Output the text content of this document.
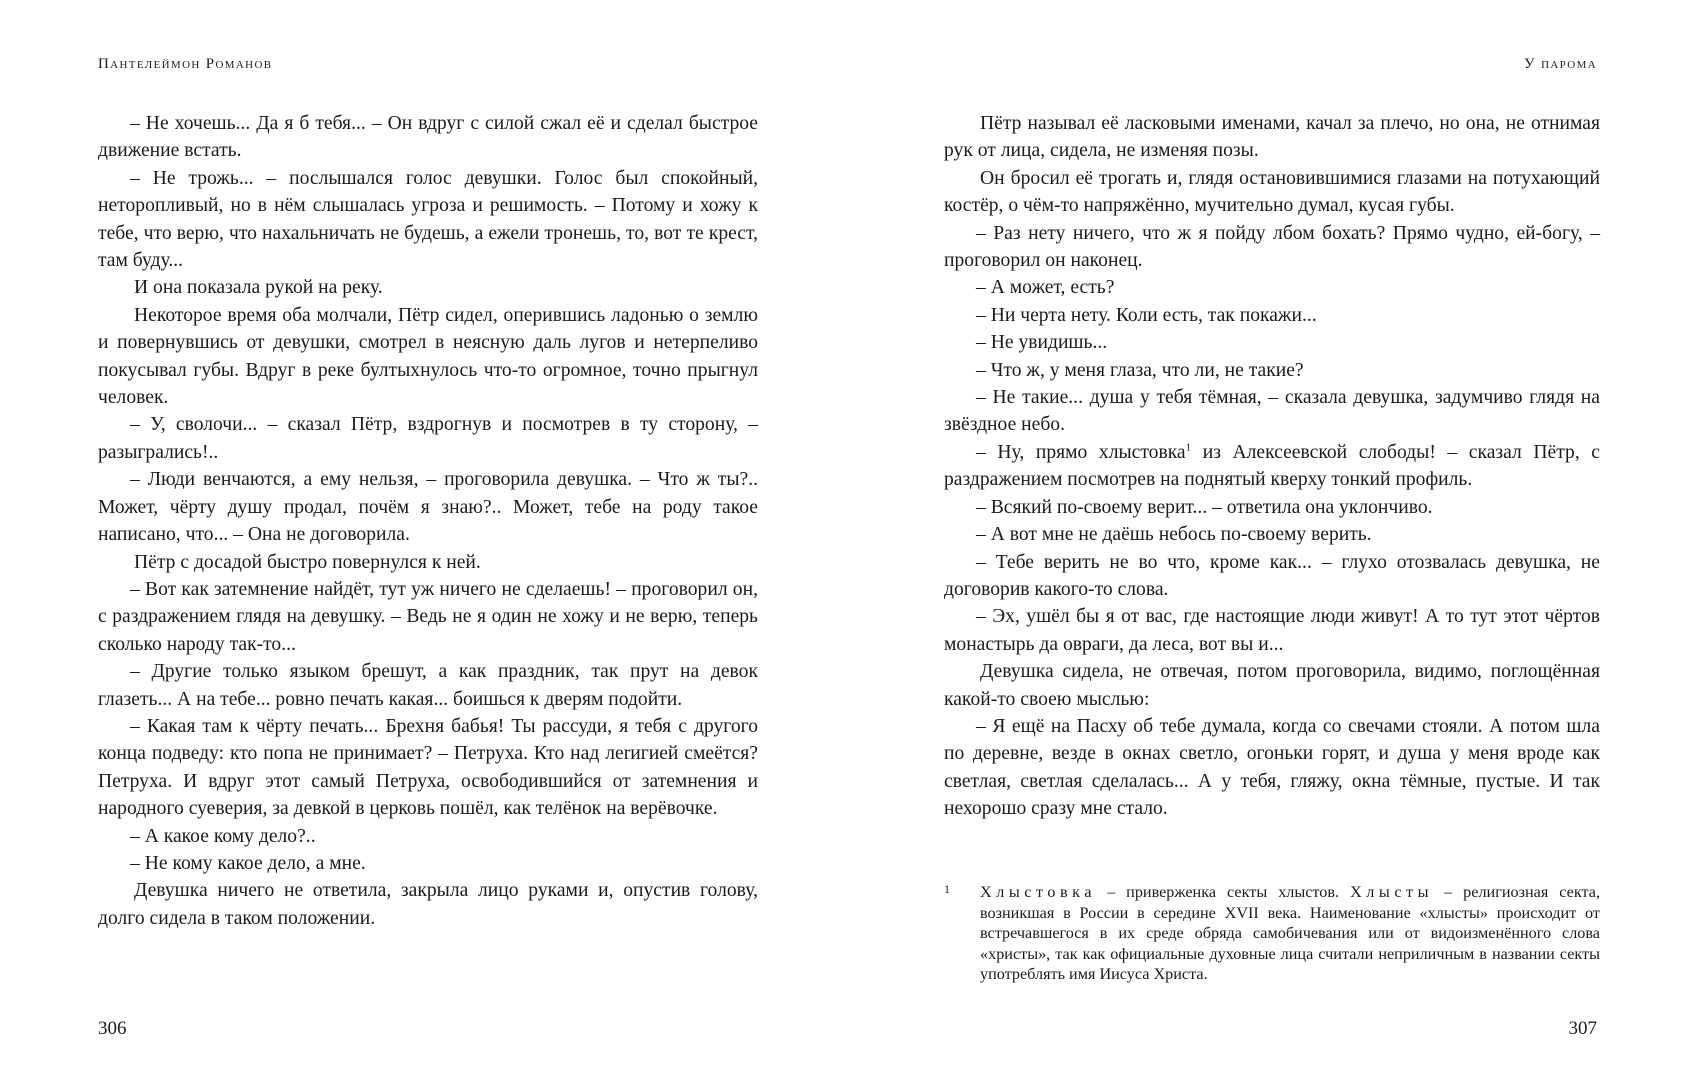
Пантелеймон Романов

– Не хочешь... Да я б тебя... – Он вдруг с силой сжал её и сделал быстрое движение встать.

– Не трожь... – послышался голос девушки. Голос был спокойный, неторопливый, но в нём слышалась угроза и решимость. – Потому и хожу к тебе, что верю, что нахальничать не будешь, а ежели тронешь, то, вот те крест, там буду...

И она показала рукой на реку.

Некоторое время оба молчали, Пётр сидел, оперившись ладонью о землю и повернувшись от девушки, смотрел в неясную даль лугов и нетерпеливо покусывал губы. Вдруг в реке бултыхнулось что-то огромное, точно прыгнул человек.

– У, сволочи... – сказал Пётр, вздрогнув и посмотрев в ту сторону, – разыгрались!..

– Люди венчаются, а ему нельзя, – проговорила девушка. – Что ж ты?.. Может, чёрту душу продал, почём я знаю?.. Может, тебе на роду такое написано, что... – Она не договорила.

Пётр с досадой быстро повернулся к ней.

– Вот как затемнение найдёт, тут уж ничего не сделаешь! – проговорил он, с раздражением глядя на девушку. – Ведь не я один не хожу и не верю, теперь сколько народу так-то...

– Другие только языком брешут, а как праздник, так прут на девок глазеть... А на тебе... ровно печать какая... боишься к дверям подойти.

– Какая там к чёрту печать... Брехня бабья! Ты рассуди, я тебя с другого конца подведу: кто попа не принимает? – Петруха. Кто над лerигией смеётся? Петруха. И вдруг этот самый Петруха, освободившийся от затемнения и народного суеверия, за девкой в церковь пошёл, как телёнок на верёвочке.

– А какое кому дело?..

– Не кому какое дело, а мне.

Девушка ничего не ответила, закрыла лицо руками и, опустив голову, долго сидела в таком положении.

306
У парома

Пётр называл её ласковыми именами, качал за плечо, но она, не отнимая рук от лица, сидела, не изменяя позы.

Он бросил её трогать и, глядя остановившимися глазами на потухающий костёр, о чём-то напряжённо, мучительно думал, кусая губы.

– Раз нету ничего, что ж я пойду лбом бохать? Прямо чудно, ей-богу, – проговорил он наконец.

– А может, есть?

– Ни черта нету. Коли есть, так покажи...

– Не увидишь...

– Что ж, у меня глаза, что ли, не такие?

– Не такие... душа у тебя тёмная, – сказала девушка, задумчиво глядя на звёздное небо.

– Ну, прямо хлыстовка$^1$ из Алексеевской слободы! – сказал Пётр, с раздражением посмотрев на поднятый кверху тонкий профиль.

– Всякий по-своему верит... – ответила она уклончиво.

– А вот мне не даёшь небось по-своему верить.

– Тебе верить не во что, кроме как... – глухо отозвалась девушка, не договорив какого-то слова.

– Эх, ушёл бы я от вас, где настоящие люди живут! А то тут этот чёртов монастырь да овраги, да леса, вот вы и...

Девушка сидела, не отвечая, потом проговорила, видимо, поглощённая какой-то своею мыслью:

– Я ещё на Пасху об тебе думала, когда со свечами стояли. А потом шла по деревне, везде в окнах светло, огоньки горят, и душа у меня вроде как светлая, светлая сделалась... А у тебя, гляжу, окна тёмные, пустые. И так нехорошо сразу мне стало.

1 Хлыстовка – приверженка секты хлыстов. Хлысты – религиозная секта, возникшая в России в середине XVII века. Наименование «хлысты» происходит от встречавшегося в их среде обряда самобичевания или от видоизменённого слова «христы», так как официальные духовные лица считали неприличным в названии секты употреблять имя Иисуса Христа.
307
